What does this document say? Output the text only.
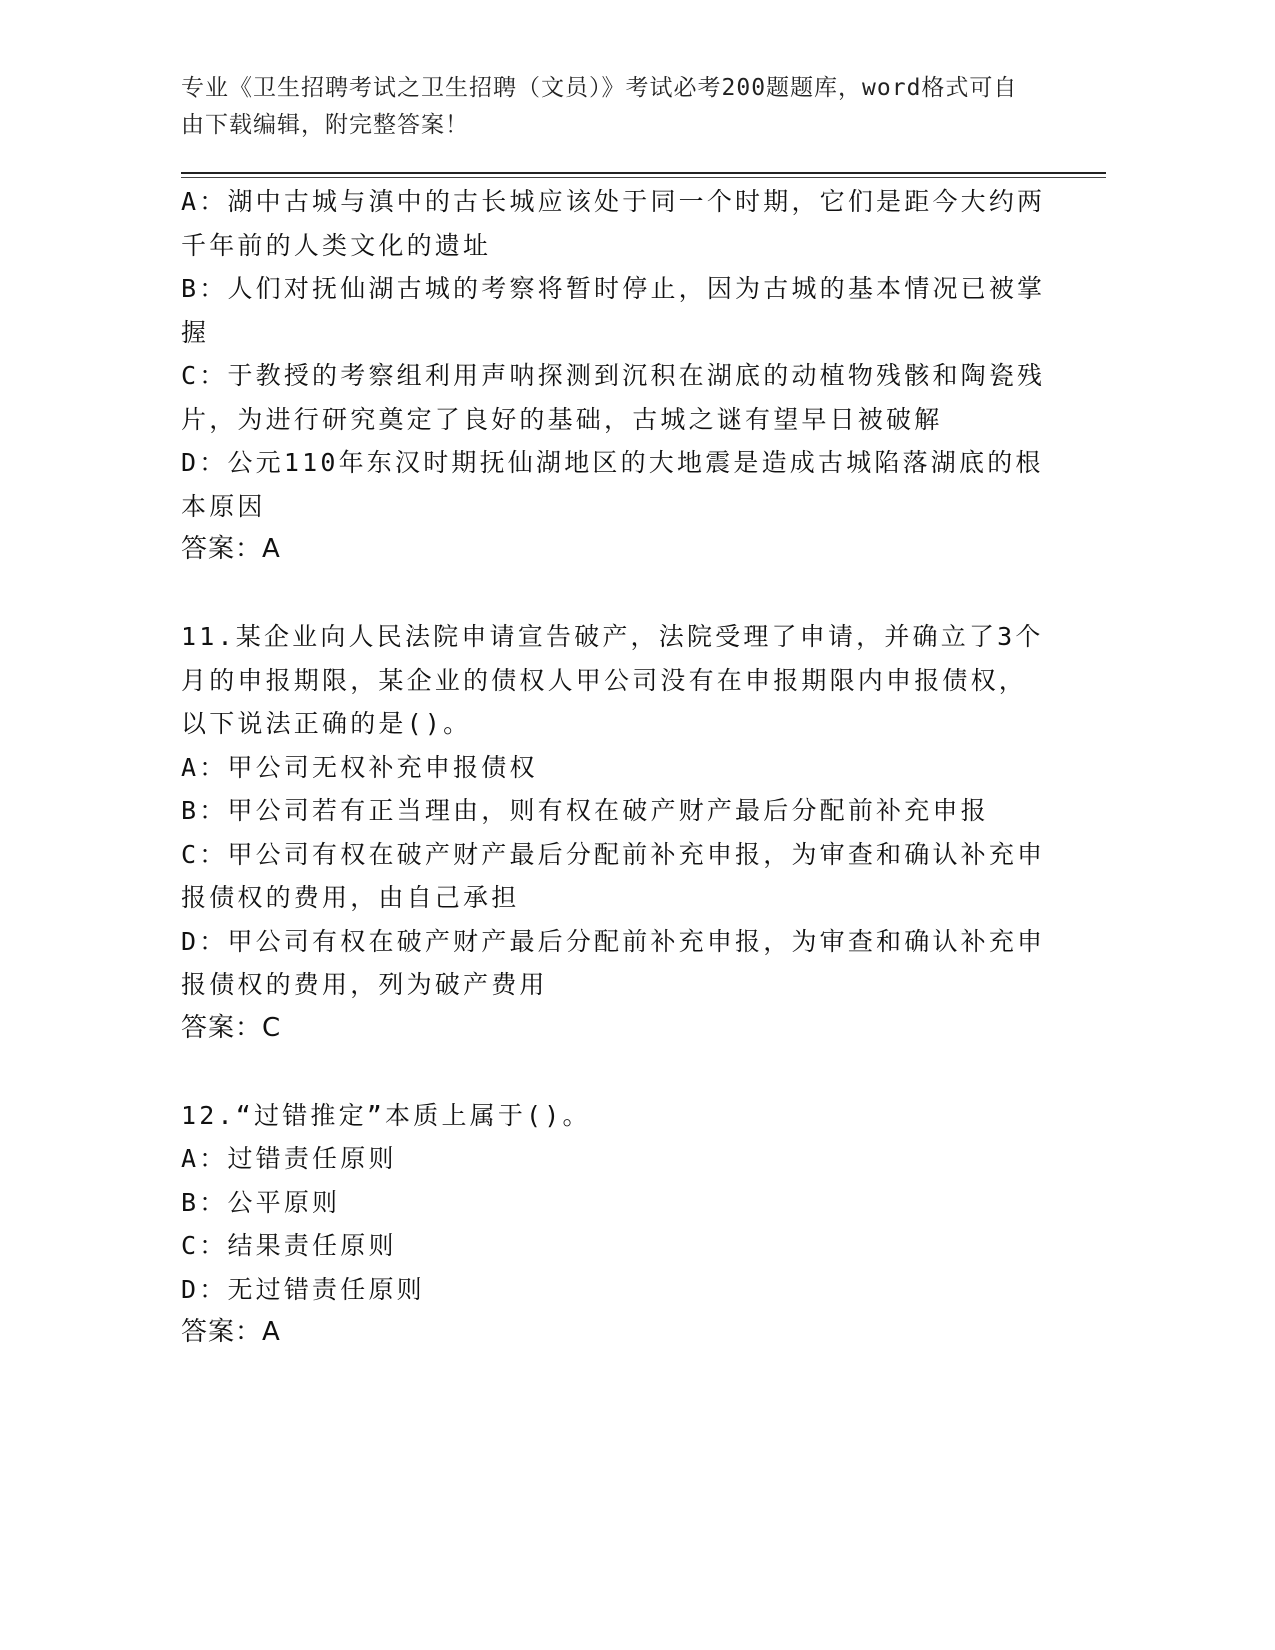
专业《卫生招聘考试之卫生招聘（文员）》考试必考200题题库，word格式可自
由下载编辑，附完整答案！
A：湖中古城与滇中的古长城应该处于同一个时期，它们是距今大约两
千年前的人类文化的遗址
B：人们对抚仙湖古城的考察将暂时停止，因为古城的基本情况已被掌
握
C：于教授的考察组利用声呐探测到沉积在湖底的动植物残骸和陶瓷残
片，为进行研究奠定了良好的基础，古城之谜有望早日被破解
D：公元110年东汉时期抚仙湖地区的大地震是造成古城陷落湖底的根
本原因
答案：A
11.某企业向人民法院申请宣告破产，法院受理了申请，并确立了3个
月的申报期限，某企业的债权人甲公司没有在申报期限内申报债权，
以下说法正确的是()。
A：甲公司无权补充申报债权
B：甲公司若有正当理由，则有权在破产财产最后分配前补充申报
C：甲公司有权在破产财产最后分配前补充申报，为审查和确认补充申
报债权的费用，由自己承担
D：甲公司有权在破产财产最后分配前补充申报，为审查和确认补充申
报债权的费用，列为破产费用
答案：C
12.“过错推定”本质上属于()。
A：过错责任原则
B：公平原则
C：结果责任原则
D：无过错责任原则
答案：A
